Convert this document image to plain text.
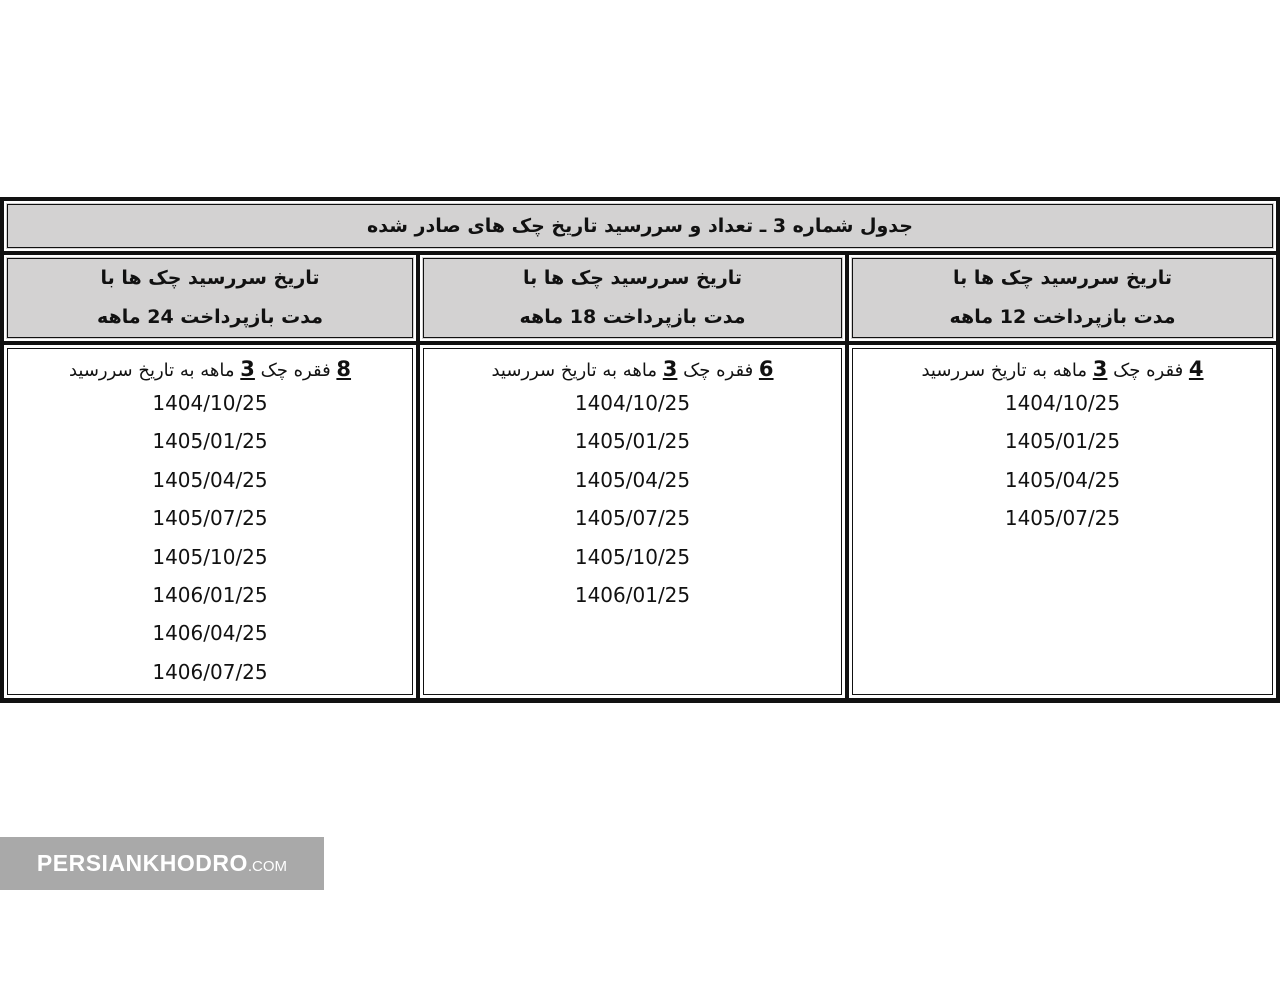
جدول شماره 3 ـ تعداد و سررسید تاریخ چک های صادر شده
تاریخ سررسید چک ها با
مدت بازپرداخت 12 ماهه
4 فقره چک 3 ماهه به تاریخ سررسید
1404/10/25
1405/01/25
1405/04/25
1405/07/25
تاریخ سررسید چک ها با
مدت بازپرداخت 18 ماهه
6 فقره چک 3 ماهه به تاریخ سررسید
1404/10/25
1405/01/25
1405/04/25
1405/07/25
1405/10/25
1406/01/25
تاریخ سررسید چک ها با
مدت بازپرداخت 24 ماهه
8 فقره چک 3 ماهه به تاریخ سررسید
1404/10/25
1405/01/25
1405/04/25
1405/07/25
1405/10/25
1406/01/25
1406/04/25
1406/07/25
PERSIANKHODRO .COM
